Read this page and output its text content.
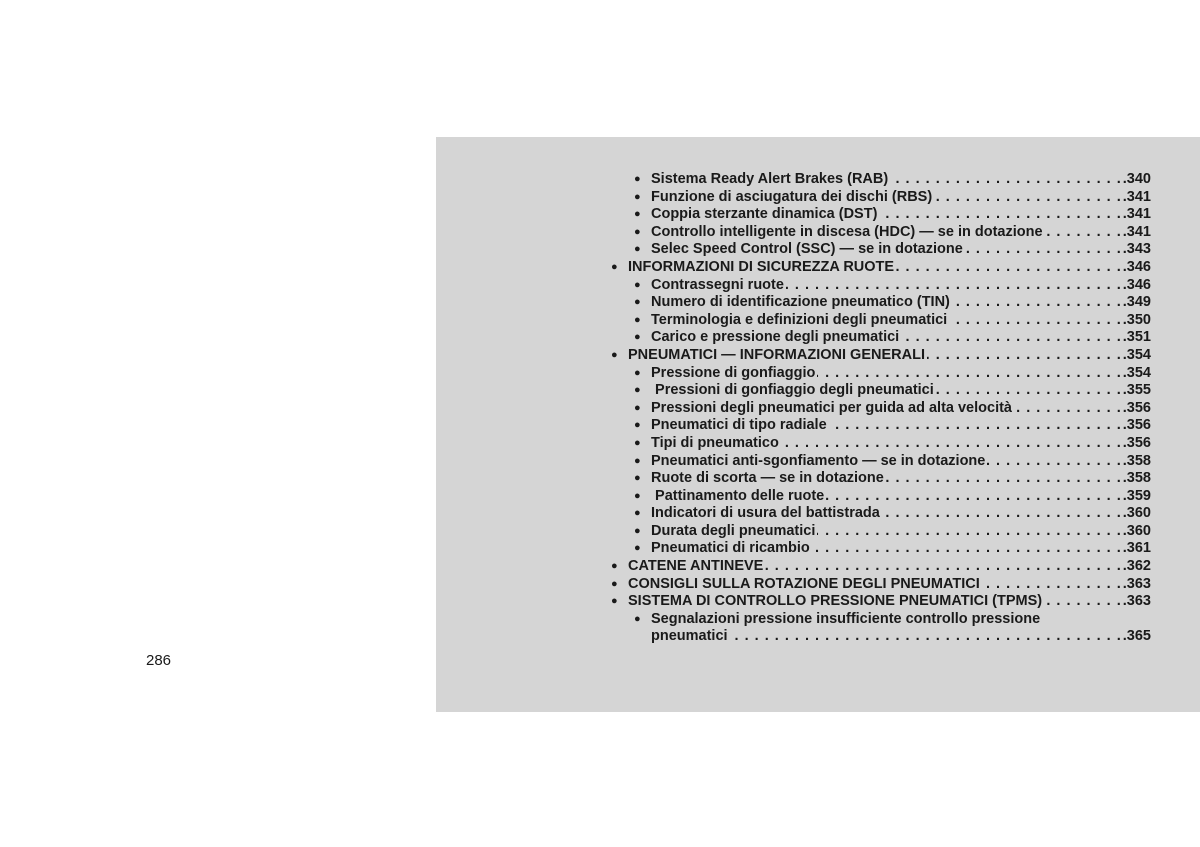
286
● Sistema Ready Alert Brakes (RAB) . . .	.340
● Funzione di asciugatura dei dischi (RBS) . . .	.341
● Coppia sterzante dinamica (DST) . . .	.341
● Controllo intelligente in discesa (HDC) — se in dotazione . . .	.341
● Selec Speed Control (SSC) — se in dotazione . . .	.343
● INFORMAZIONI DI SICUREZZA RUOTE . . .	.346
● Contrassegni ruote . . .	.346
● Numero di identificazione pneumatico (TIN) . . .	.349
● Terminologia e definizioni degli pneumatici . . .	.350
● Carico e pressione degli pneumatici . . .	.351
● PNEUMATICI — INFORMAZIONI GENERALI . . .	.354
● Pressione di gonfiaggio . . .	.354
● Pressioni di gonfiaggio degli pneumatici . . .	.355
● Pressioni degli pneumatici per guida ad alta velocità . . .	.356
● Pneumatici di tipo radiale . . .	.356
● Tipi di pneumatico . . .	.356
● Pneumatici anti-sgonfiamento — se in dotazione . . .	.358
● Ruote di scorta — se in dotazione . . .	.358
● Pattinamento delle ruote . . .	.359
● Indicatori di usura del battistrada . . .	.360
● Durata degli pneumatici . . .	.360
● Pneumatici di ricambio . . .	.361
● CATENE ANTINEVE . . .	.362
● CONSIGLI SULLA ROTAZIONE DEGLI PNEUMATICI . . .	.363
● SISTEMA DI CONTROLLO PRESSIONE PNEUMATICI (TPMS) . . .	.363
● Segnalazioni pressione insufficiente controllo pressione
pneumatici . . .	.365
